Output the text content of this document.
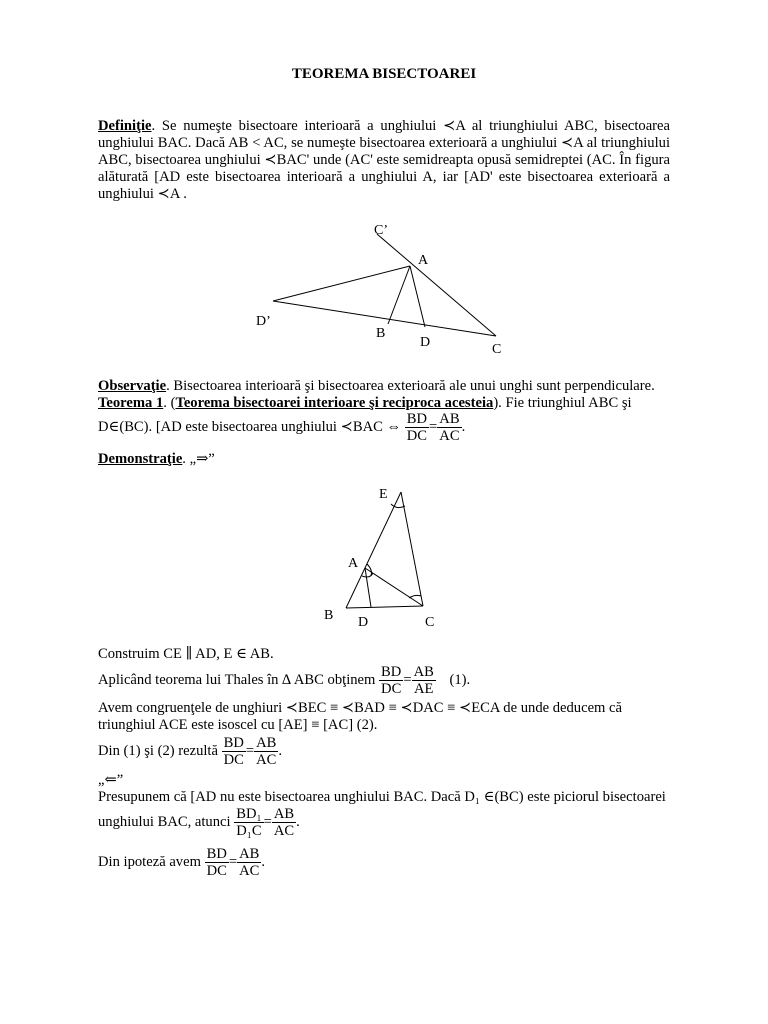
TEOREMA BISECTOAREI
Definiţie. Se numeşte bisectoare interioară a unghiului ≺A al triunghiului ABC, bisectoarea unghiului BAC. Dacă AB < AC, se numeşte bisectoarea exterioară a unghiului ≺A al triunghiului ABC, bisectoarea unghiului ≺BAC' unde (AC' este semidreapta opusă semidreptei (AC. În figura alăturată [AD este bisectoarea interioară a unghiului A, iar [AD' este bisectoarea exterioară a unghiului ≺A .
C’
A
D’
B
D	C
Observaţie. Bisectoarea interioară şi bisectoarea exterioară ale unui unghi sunt perpendiculare.
Teorema 1. (Teorema bisectoarei interioare şi reciproca acesteia). Fie triunghiul ABC şi
D∈(BC). [AD este bisectoarea unghiului ≺BAC ⇔ $\frac{BD}{DC} = \frac{AB}{AC}$ .
Demonstraţie. „⇒”
E
A
B D	C
Construim CE ∥ AD, E ∈ AB.
Aplicând teorema lui Thales în ∆ ABC obţinem $\frac{BD}{DC} = \frac{AB}{AE} (1)$.
Avem congruenţele de unghiuri ≺BEC ≡ ≺BAD ≡ ≺DAC ≡ ≺ECA de unde deducem că
triunghiul ACE este isoscel cu [AE] ≡ [AC] (2).
Din (1) şi (2) rezultă $\frac{BD}{DC} = \frac{AB}{AC}$ .
„⇐”
Presupunem că [AD nu este bisectoarea unghiului BAC. Dacă D₁ ∈(BC) este piciorul bisectoarei
unghiului BAC, atunci $\frac{\text{BD₁}}{\text{D₁C}} = \frac{AB}{AC}$ .
Din ipoteză avem $\frac{BD}{DC} = \frac{AB}{AC}$ .
